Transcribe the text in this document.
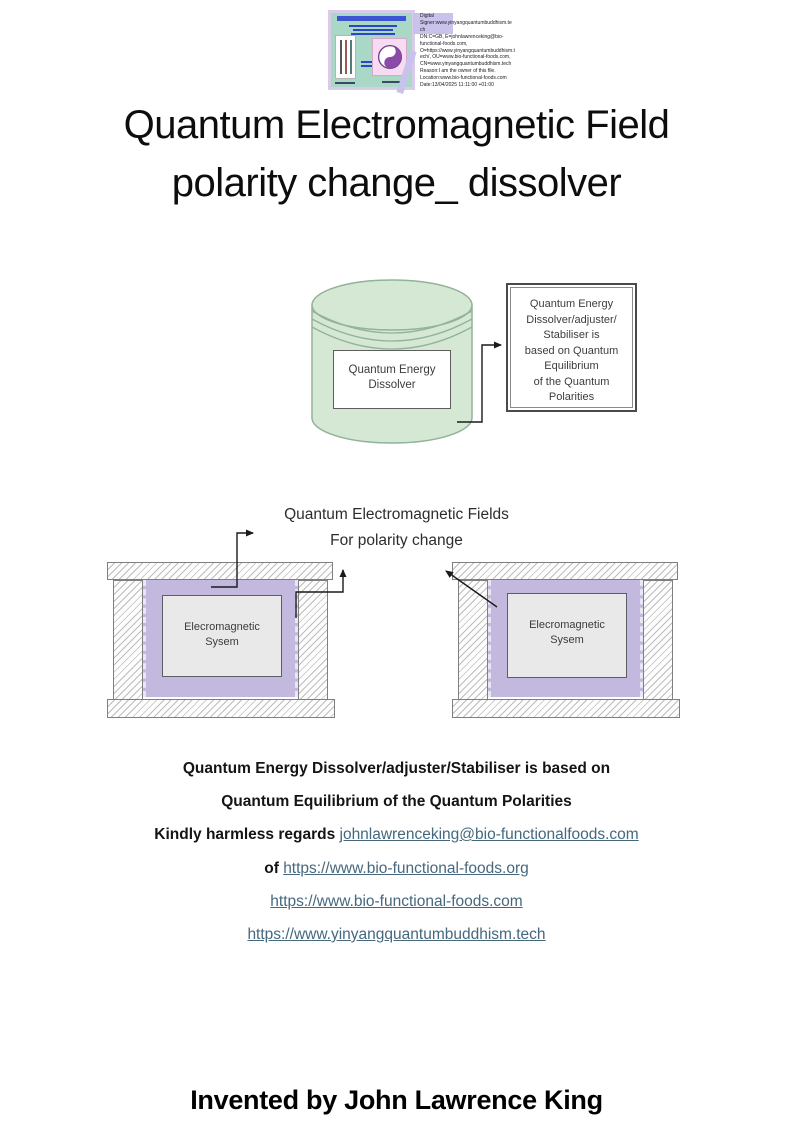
Digital
Signer:www.yinyangquantumbuddhism.te
ch
DN:C=GB, E=johnlawrenceking@bio-
functional-foods.com,
O=https://www.yinyangquantumbuddhism.t
ech/, OU=www.bio-functional-foods.com,
CN=www.yinyangquantumbuddhism.tech
Reason:I am the owner of this file.
Location:www.bio-functional-foods.com
Date:13/04/2025 11:11:00 +01:00
Quantum Electromagnetic Field
polarity change_ dissolver
Quantum Energy
Dissolver
Quantum Energy
Dissolver/adjuster/
Stabiliser is
based on Quantum
Equilibrium
of the Quantum
Polarities
Quantum Electromagnetic Fields
For polarity change
Elecromagnetic
Sysem
Elecromagnetic
Sysem
Quantum Energy Dissolver/adjuster/Stabiliser is based on
Quantum Equilibrium of the Quantum Polarities
Kindly harmless regards johnlawrenceking@bio-functionalfoods.com
of https://www.bio-functional-foods.org
https://www.bio-functional-foods.com
https://www.yinyangquantumbuddhism.tech
Invented by John Lawrence King
